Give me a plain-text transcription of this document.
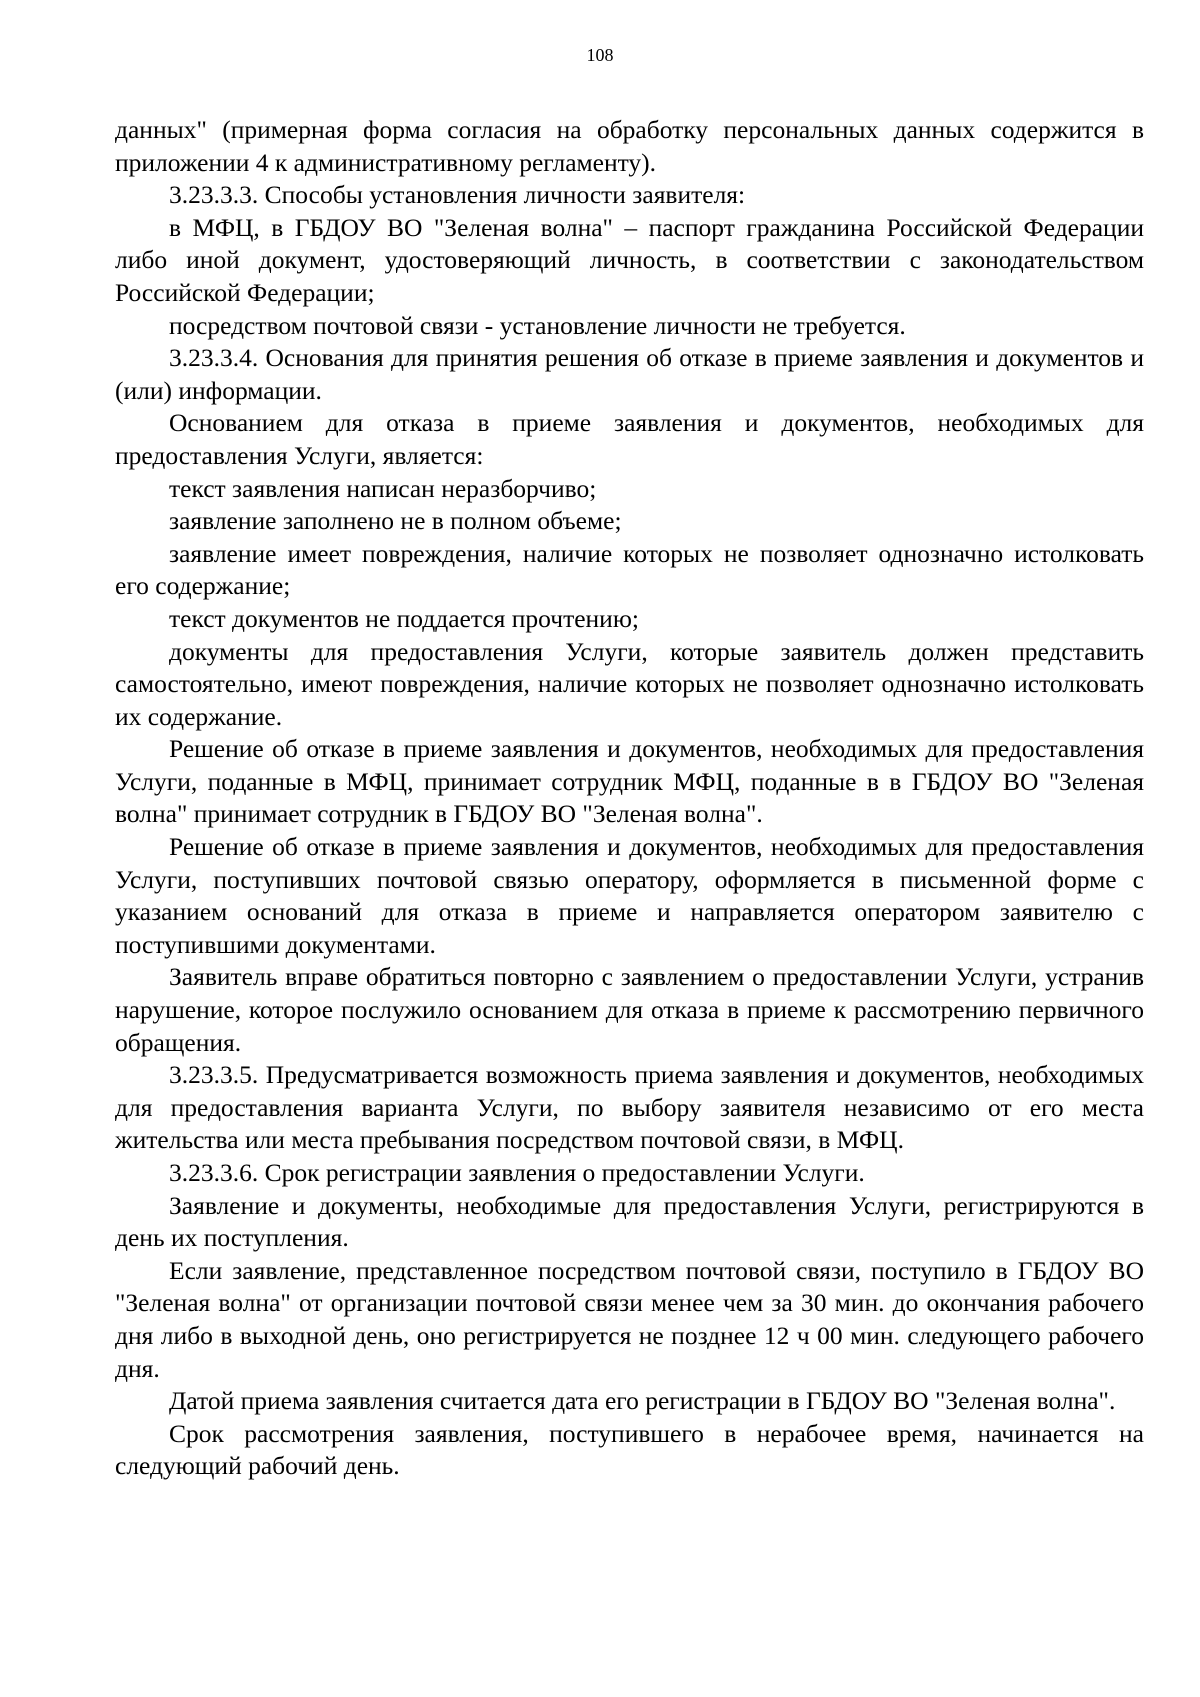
108

данных" (примерная форма согласия на обработку персональных данных содержится в приложении 4 к административному регламенту).

3.23.3.3. Способы установления личности заявителя:

в МФЦ, в ГБДОУ ВО "Зеленая волна" – паспорт гражданина Российской Федерации либо иной документ, удостоверяющий личность, в соответствии с законодательством Российской Федерации;

посредством почтовой связи - установление личности не требуется.

3.23.3.4. Основания для принятия решения об отказе в приеме заявления и документов и (или) информации.

Основанием для отказа в приеме заявления и документов, необходимых для предоставления Услуги, является:

текст заявления написан неразборчиво;

заявление заполнено не в полном объеме;

заявление имеет повреждения, наличие которых не позволяет однозначно истолковать его содержание;

текст документов не поддается прочтению;

документы для предоставления Услуги, которые заявитель должен представить самостоятельно, имеют повреждения, наличие которых не позволяет однозначно истолковать их содержание.

Решение об отказе в приеме заявления и документов, необходимых для предоставления Услуги, поданные в МФЦ, принимает сотрудник МФЦ, поданные в в ГБДОУ ВО "Зеленая волна" принимает сотрудник в ГБДОУ ВО "Зеленая волна".

Решение об отказе в приеме заявления и документов, необходимых для предоставления Услуги, поступивших почтовой связью оператору, оформляется в письменной форме с указанием оснований для отказа в приеме и направляется оператором заявителю с поступившими документами.

Заявитель вправе обратиться повторно с заявлением о предоставлении Услуги, устранив нарушение, которое послужило основанием для отказа в приеме к рассмотрению первичного обращения.

3.23.3.5. Предусматривается возможность приема заявления и документов, необходимых для предоставления варианта Услуги, по выбору заявителя независимо от его места жительства или места пребывания посредством почтовой связи, в МФЦ.

3.23.3.6. Срок регистрации заявления о предоставлении Услуги.

Заявление и документы, необходимые для предоставления Услуги, регистрируются в день их поступления.

Если заявление, представленное посредством почтовой связи, поступило в ГБДОУ ВО "Зеленая волна" от организации почтовой связи менее чем за 30 мин. до окончания рабочего дня либо в выходной день, оно регистрируется не позднее 12 ч 00 мин. следующего рабочего дня.

Датой приема заявления считается дата его регистрации в ГБДОУ ВО "Зеленая волна".

Срок рассмотрения заявления, поступившего в нерабочее время, начинается на следующий рабочий день.
